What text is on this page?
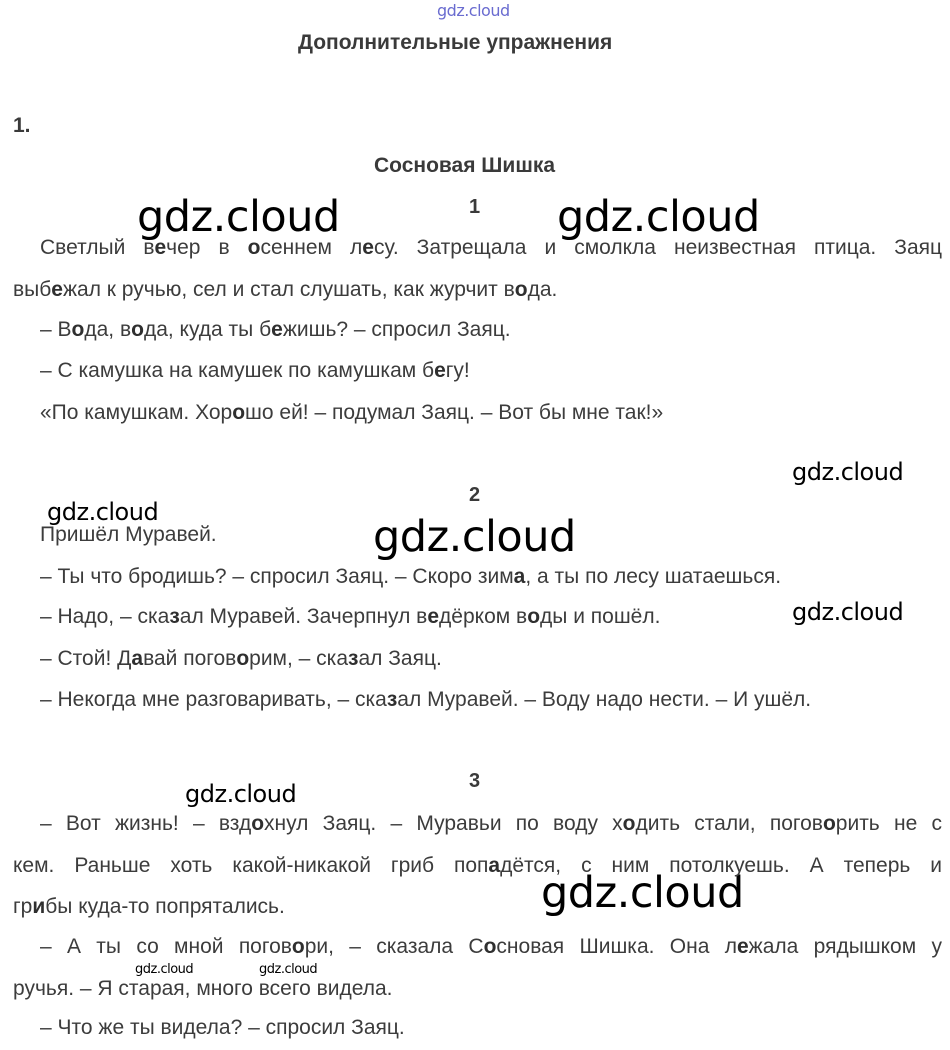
gdz.cloud
gdz.cloud	gdz.cloud
gdz.cloud
gdz.cloud	gdz.cloud
gdz.cloud
gdz.cloud
gdz.cloud
gdz.cloud	gdz.cloud
Дополнительные упражнения
1.
Сосновая Шишка
1
Светлый вечер в осеннем лесу. Затрещала и смолкла неизвестная птица. Заяц
выбежал к ручью, сел и стал слушать, как журчит вода.
– Вода, вода, куда ты бежишь? – спросил Заяц.
– С камушка на камушек по камушкам бегу!
«По камушкам. Хорошо ей! – подумал Заяц. – Вот бы мне так!»
2
Пришёл Муравей.
– Ты что бродишь? – спросил Заяц. – Скоро зима, а ты по лесу шатаешься.
– Надо, – сказал Муравей. Зачерпнул ведёрком воды и пошёл.
– Стой! Давай поговорим, – сказал Заяц.
– Некогда мне разговаривать, – сказал Муравей. – Воду надо нести. – И ушёл.
3
– Вот жизнь! – вздохнул Заяц. – Муравьи по воду ходить стали, поговорить не с
кем. Раньше хоть какой-никакой гриб попадётся, с ним потолкуешь. А теперь и
грибы куда-то попрятались.
– А ты со мной поговори, – сказала Сосновая Шишка. Она лежала рядышком у
ручья. – Я старая, много всего видела.
– Что же ты видела? – спросил Заяц.
